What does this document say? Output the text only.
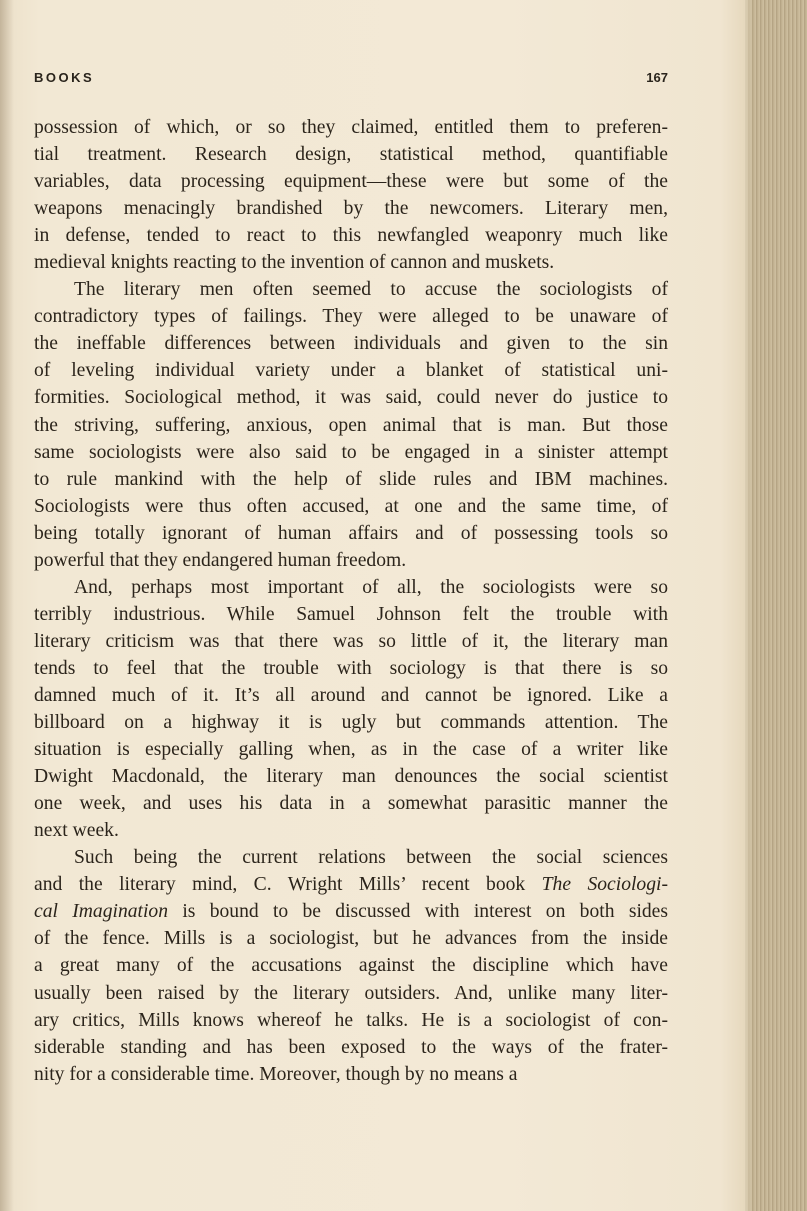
BOOKS	167
possession of which, or so they claimed, entitled them to preferen-
tial treatment. Research design, statistical method, quantifiable
variables, data processing equipment—these were but some of the
weapons menacingly brandished by the newcomers. Literary men,
in defense, tended to react to this newfangled weaponry much like
medieval knights reacting to the invention of cannon and muskets.
The literary men often seemed to accuse the sociologists of
contradictory types of failings. They were alleged to be unaware of
the ineffable differences between individuals and given to the sin
of leveling individual variety under a blanket of statistical uni-
formities. Sociological method, it was said, could never do justice to
the striving, suffering, anxious, open animal that is man. But those
same sociologists were also said to be engaged in a sinister attempt
to rule mankind with the help of slide rules and IBM machines.
Sociologists were thus often accused, at one and the same time, of
being totally ignorant of human affairs and of possessing tools so
powerful that they endangered human freedom.
And, perhaps most important of all, the sociologists were so
terribly industrious. While Samuel Johnson felt the trouble with
literary criticism was that there was so little of it, the literary man
tends to feel that the trouble with sociology is that there is so
damned much of it. It’s all around and cannot be ignored. Like a
billboard on a highway it is ugly but commands attention. The
situation is especially galling when, as in the case of a writer like
Dwight Macdonald, the literary man denounces the social scientist
one week, and uses his data in a somewhat parasitic manner the
next week.
Such being the current relations between the social sciences
and the literary mind, C. Wright Mills’ recent book The Sociologi-
cal Imagination is bound to be discussed with interest on both sides
of the fence. Mills is a sociologist, but he advances from the inside
a great many of the accusations against the discipline which have
usually been raised by the literary outsiders. And, unlike many liter-
ary critics, Mills knows whereof he talks. He is a sociologist of con-
siderable standing and has been exposed to the ways of the frater-
nity for a considerable time. Moreover, though by no means a
